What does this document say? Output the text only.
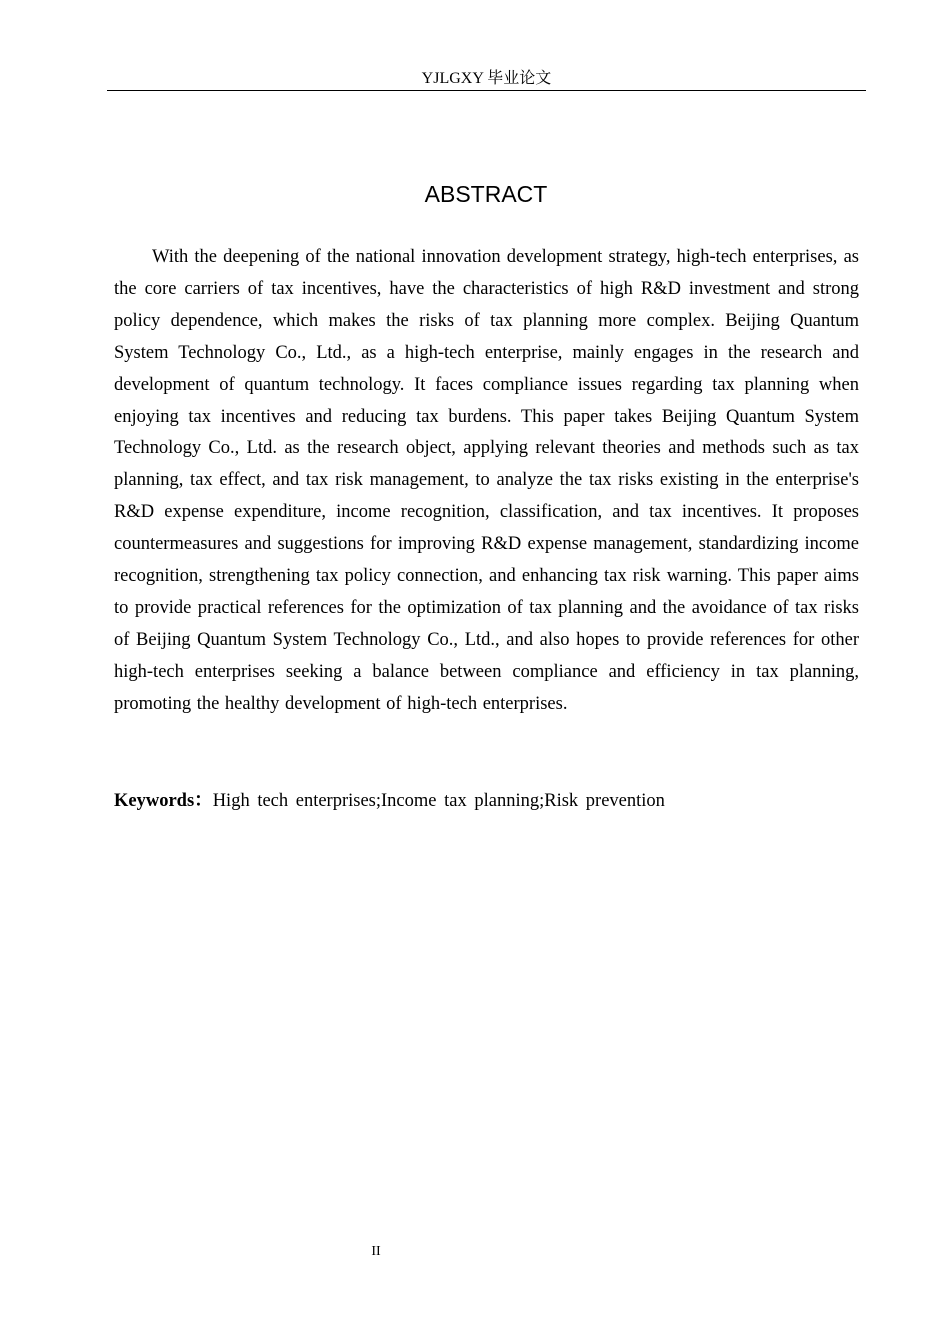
YJLGXY 毕业论文
ABSTRACT

With the deepening of the national innovation development strategy, high-tech enterprises, as the core carriers of tax incentives, have the characteristics of high R&D investment and strong policy dependence, which makes the risks of tax planning more complex. Beijing Quantum System Technology Co., Ltd., as a high-tech enterprise, mainly engages in the research and development of quantum technology. It faces compliance issues regarding tax planning when enjoying tax incentives and reducing tax burdens. This paper takes Beijing Quantum System Technology Co., Ltd. as the research object, applying relevant theories and methods such as tax planning, tax effect, and tax risk management, to analyze the tax risks existing in the enterprise's R&D expense expenditure, income recognition, classification, and tax incentives. It proposes countermeasures and suggestions for improving R&D expense management, standardizing income recognition, strengthening tax policy connection, and enhancing tax risk warning. This paper aims to provide practical references for the optimization of tax planning and the avoidance of tax risks of Beijing Quantum System Technology Co., Ltd., and also hopes to provide references for other high-tech enterprises seeking a balance between compliance and efficiency in tax planning, promoting the healthy development of high-tech enterprises.

Keywords：High tech enterprises;Income tax planning;Risk prevention

II
